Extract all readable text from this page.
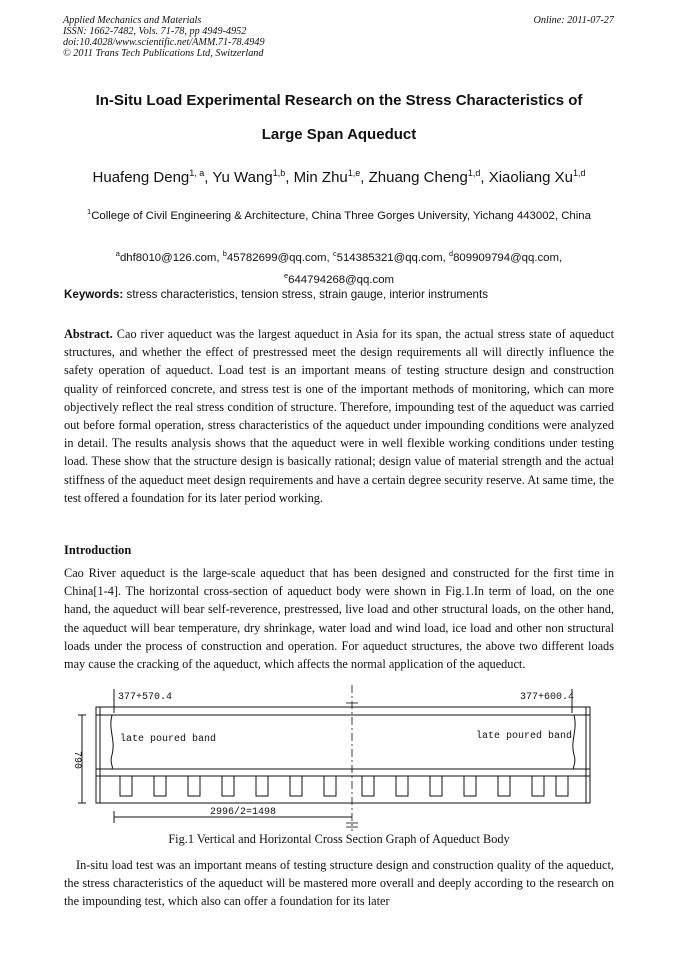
Applied Mechanics and Materials
ISSN: 1662-7482, Vols. 71-78, pp 4949-4952
doi:10.4028/www.scientific.net/AMM.71-78.4949
© 2011 Trans Tech Publications Ltd, Switzerland
Online: 2011-07-27
In-Situ Load Experimental Research on the Stress Characteristics of
Large Span Aqueduct
Huafeng Deng$^{1, a}$, Yu Wang$^{1,b}$, Min Zhu$^{1,e}$, Zhuang Cheng$^{1,d}$, Xiaoliang Xu$^{1,d}$
$^1$College of Civil Engineering & Architecture, China Three Gorges University, Yichang 443002, China
$^a$dhf8010@126.com, $^b$45782699@qq.com, $^c$514385321@qq.com, $^d$809909794@qq.com,
$^e$644794268@qq.com
Keywords: stress characteristics, tension stress, strain gauge, interior instruments
Abstract. Cao river aqueduct was the largest aqueduct in Asia for its span, the actual stress state of aqueduct structures, and whether the effect of prestressed meet the design requirements all will directly influence the safety operation of aqueduct. Load test is an important means of testing structure design and construction quality of reinforced concrete, and stress test is one of the important methods of monitoring, which can more objectively reflect the real stress condition of structure. Therefore, impounding test of the aqueduct was carried out before formal operation, stress characteristics of the aqueduct under impounding conditions were analyzed in detail. The results analysis shows that the aqueduct were in well flexible working conditions under testing load. These show that the structure design is basically rational; design value of material strength and the actual stiffness of the aqueduct meet design requirements and have a certain degree security reserve. At same time, the test offered a foundation for its later period working.
Introduction
Cao River aqueduct is the large-scale aqueduct that has been designed and constructed for the first time in China[1-4]. The horizontal cross-section of aqueduct body were shown in Fig.1.In term of load, on the one hand, the aqueduct will bear self-reverence, prestressed, live load and other structural loads, on the other hand, the aqueduct will bear temperature, dry shrinkage, water load and wind load, ice load and other non structural loads under the process of construction and operation. For aqueduct structures, the above two different loads may cause the cracking of the aqueduct, which affects the normal application of the aqueduct.
377+570.4	377+600.4
late poured band	late poured band
790
2996/2=1498
Fig.1 Vertical and Horizontal Cross Section Graph of Aqueduct Body
In-situ load test was an important means of testing structure design and construction quality of the aqueduct, the stress characteristics of the aqueduct will be mastered more overall and deeply according to the research on the impounding test, which also can offer a foundation for its later
